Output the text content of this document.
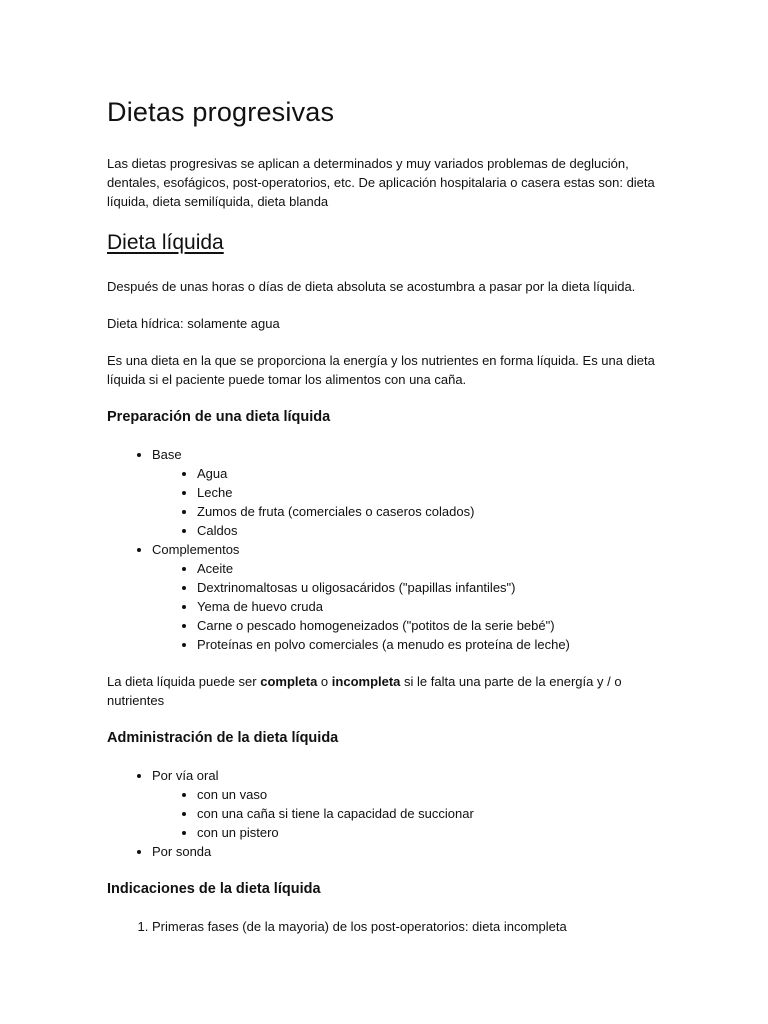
Dietas progresivas

Las dietas progresivas se aplican a determinados y muy variados problemas de deglución, dentales, esofágicos, post-operatorios, etc. De aplicación hospitalaria o casera estas son: dieta líquida, dieta semilíquida, dieta blanda

Dieta líquida

Después de unas horas o días de dieta absoluta se acostumbra a pasar por la dieta líquida.

Dieta hídrica: solamente agua

Es una dieta en la que se proporciona la energía y los nutrientes en forma líquida. Es una dieta líquida si el paciente puede tomar los alimentos con una caña.

Preparación de una dieta líquida
• Base
• Agua
• Leche
• Zumos de fruta (comerciales o caseros colados)
• Caldos
• Complementos
• Aceite
• Dextrinomaltosas u oligosacáridos ("papillas infantiles")
• Yema de huevo cruda
• Carne o pescado homogeneizados ("potitos de la serie bebé")
• Proteínas en polvo comerciales (a menudo es proteína de leche)

La dieta líquida puede ser completa o incompleta si le falta una parte de la energía y / o nutrientes

Administración de la dieta líquida
• Por vía oral
• con un vaso
• con una caña si tiene la capacidad de succionar
• con un pistero
• Por sonda
Indicaciones de la dieta líquida
1. Primeras fases (de la mayoria) de los post-operatorios: dieta incompleta
